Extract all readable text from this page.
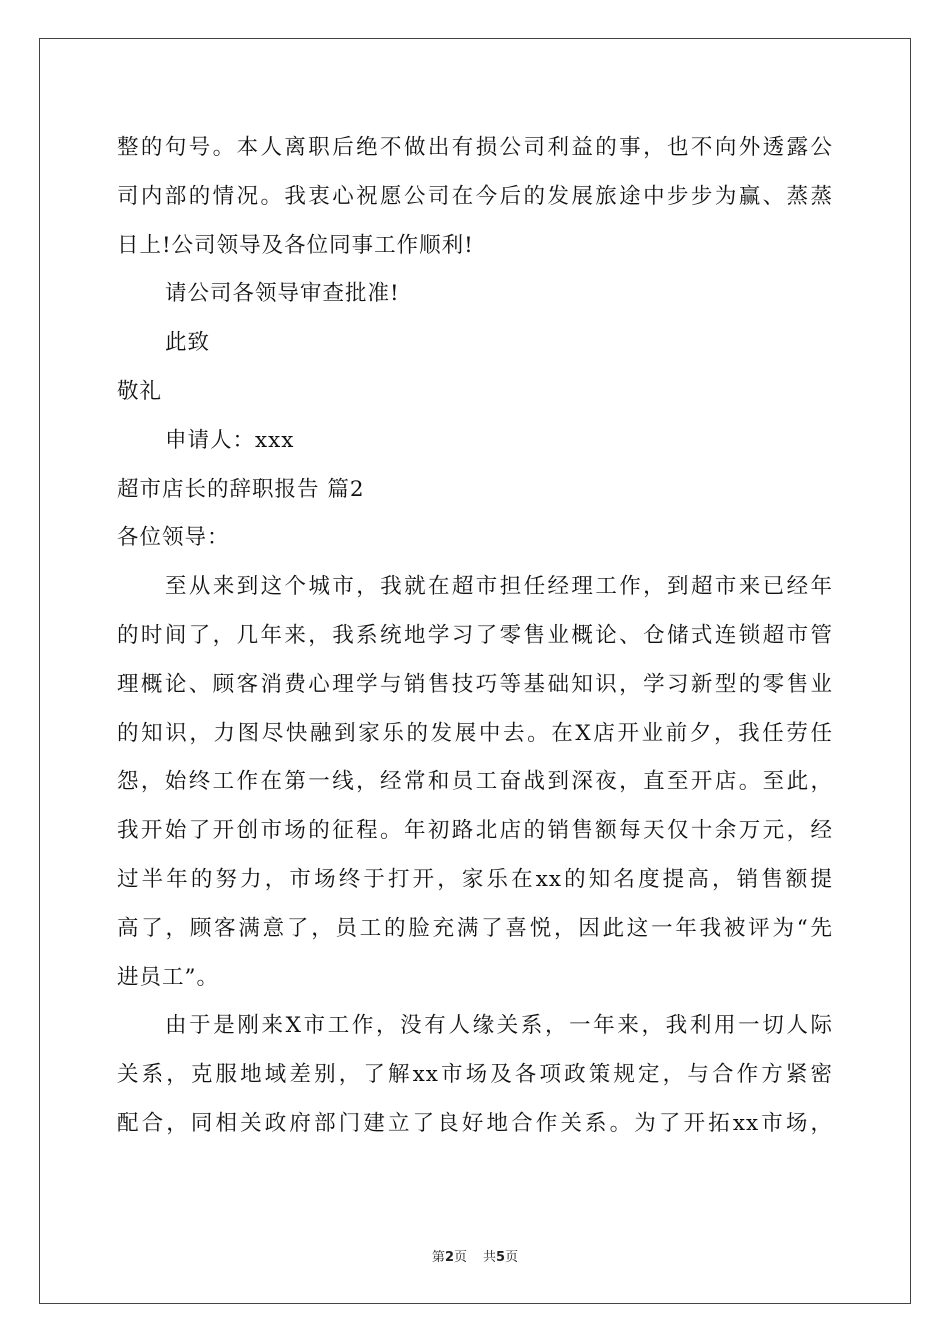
整的句号。本人离职后绝不做出有损公司利益的事，也不向外透露公
司内部的情况。我衷心祝愿公司在今后的发展旅途中步步为赢、蒸蒸
日上!公司领导及各位同事工作顺利!
请公司各领导审查批准!
此致
敬礼
申请人：xxx
超市店长的辞职报告 篇2
各位领导：
至从来到这个城市，我就在超市担任经理工作，到超市来已经年
的时间了，几年来，我系统地学习了零售业概论、仓储式连锁超市管
理概论、顾客消费心理学与销售技巧等基础知识，学习新型的零售业
的知识，力图尽快融到家乐的发展中去。在X店开业前夕，我任劳任
怨，始终工作在第一线，经常和员工奋战到深夜，直至开店。至此，
我开始了开创市场的征程。年初路北店的销售额每天仅十余万元，经
过半年的努力，市场终于打开，家乐在xx的知名度提高，销售额提
高了，顾客满意了，员工的脸充满了喜悦，因此这一年我被评为“先
进员工”。
由于是刚来X市工作，没有人缘关系，一年来，我利用一切人际
关系，克服地域差别，了解xx市场及各项政策规定，与合作方紧密
配合，同相关政府部门建立了良好地合作关系。为了开拓xx市场，
第2页 共5页
